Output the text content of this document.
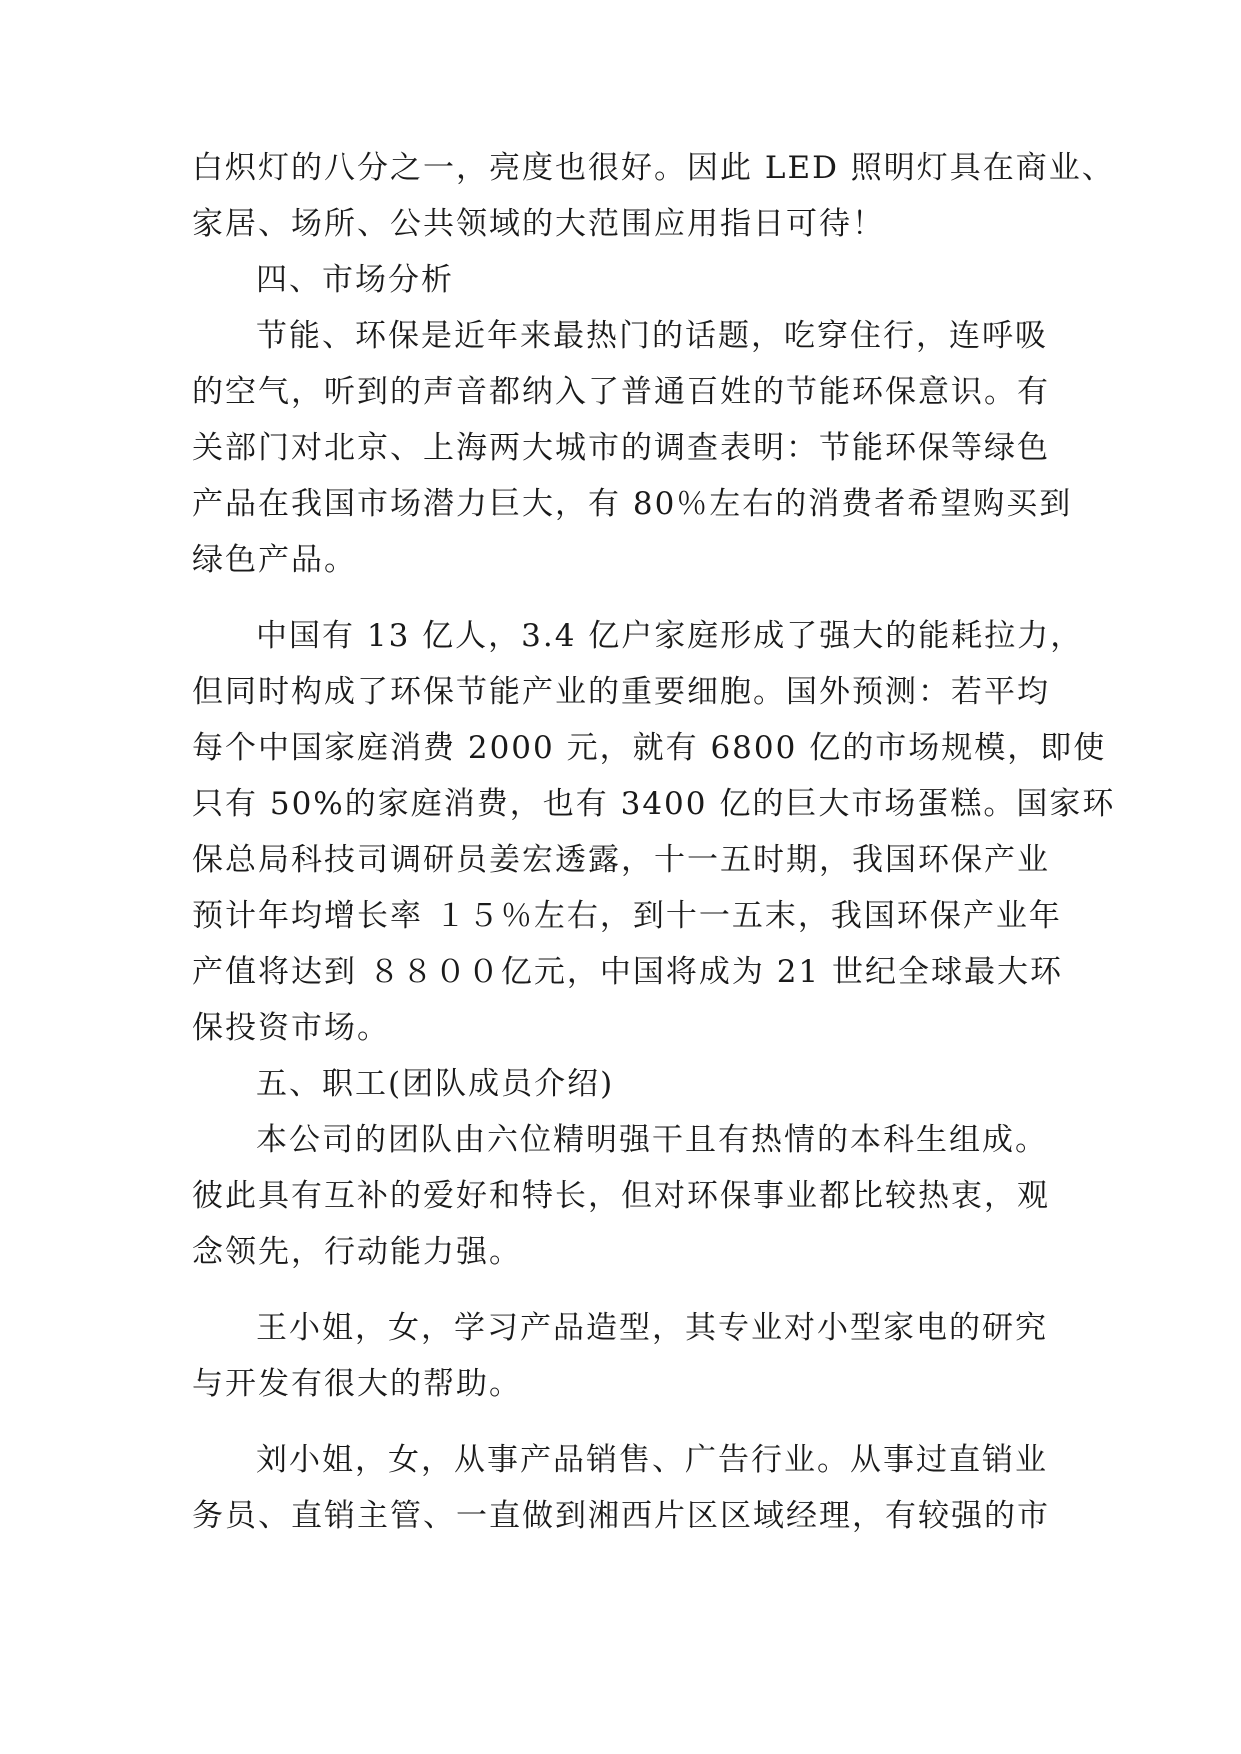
白炽灯的八分之一，亮度也很好。因此 LED 照明灯具在商业、
家居、场所、公共领域的大范围应用指日可待！
四、市场分析
节能、环保是近年来最热门的话题，吃穿住行，连呼吸
的空气，听到的声音都纳入了普通百姓的节能环保意识。有
关部门对北京、上海两大城市的调查表明：节能环保等绿色
产品在我国市场潜力巨大，有 80％左右的消费者希望购买到
绿色产品。
中国有 13 亿人，3.4 亿户家庭形成了强大的能耗拉力，
但同时构成了环保节能产业的重要细胞。国外预测：若平均
每个中国家庭消费 2000 元，就有 6800 亿的市场规模，即使
只有 50%的家庭消费，也有 3400 亿的巨大市场蛋糕。国家环
保总局科技司调研员姜宏透露，十一五时期，我国环保产业
预计年均增长率 １５％左右，到十一五末，我国环保产业年
产值将达到 ８８００亿元，中国将成为 21 世纪全球最大环
保投资市场。
五、职工(团队成员介绍)
本公司的团队由六位精明强干且有热情的本科生组成。
彼此具有互补的爱好和特长，但对环保事业都比较热衷，观
念领先，行动能力强。
王小姐，女，学习产品造型，其专业对小型家电的研究
与开发有很大的帮助。
刘小姐，女，从事产品销售、广告行业。从事过直销业
务员、直销主管、一直做到湘西片区区域经理，有较强的市
